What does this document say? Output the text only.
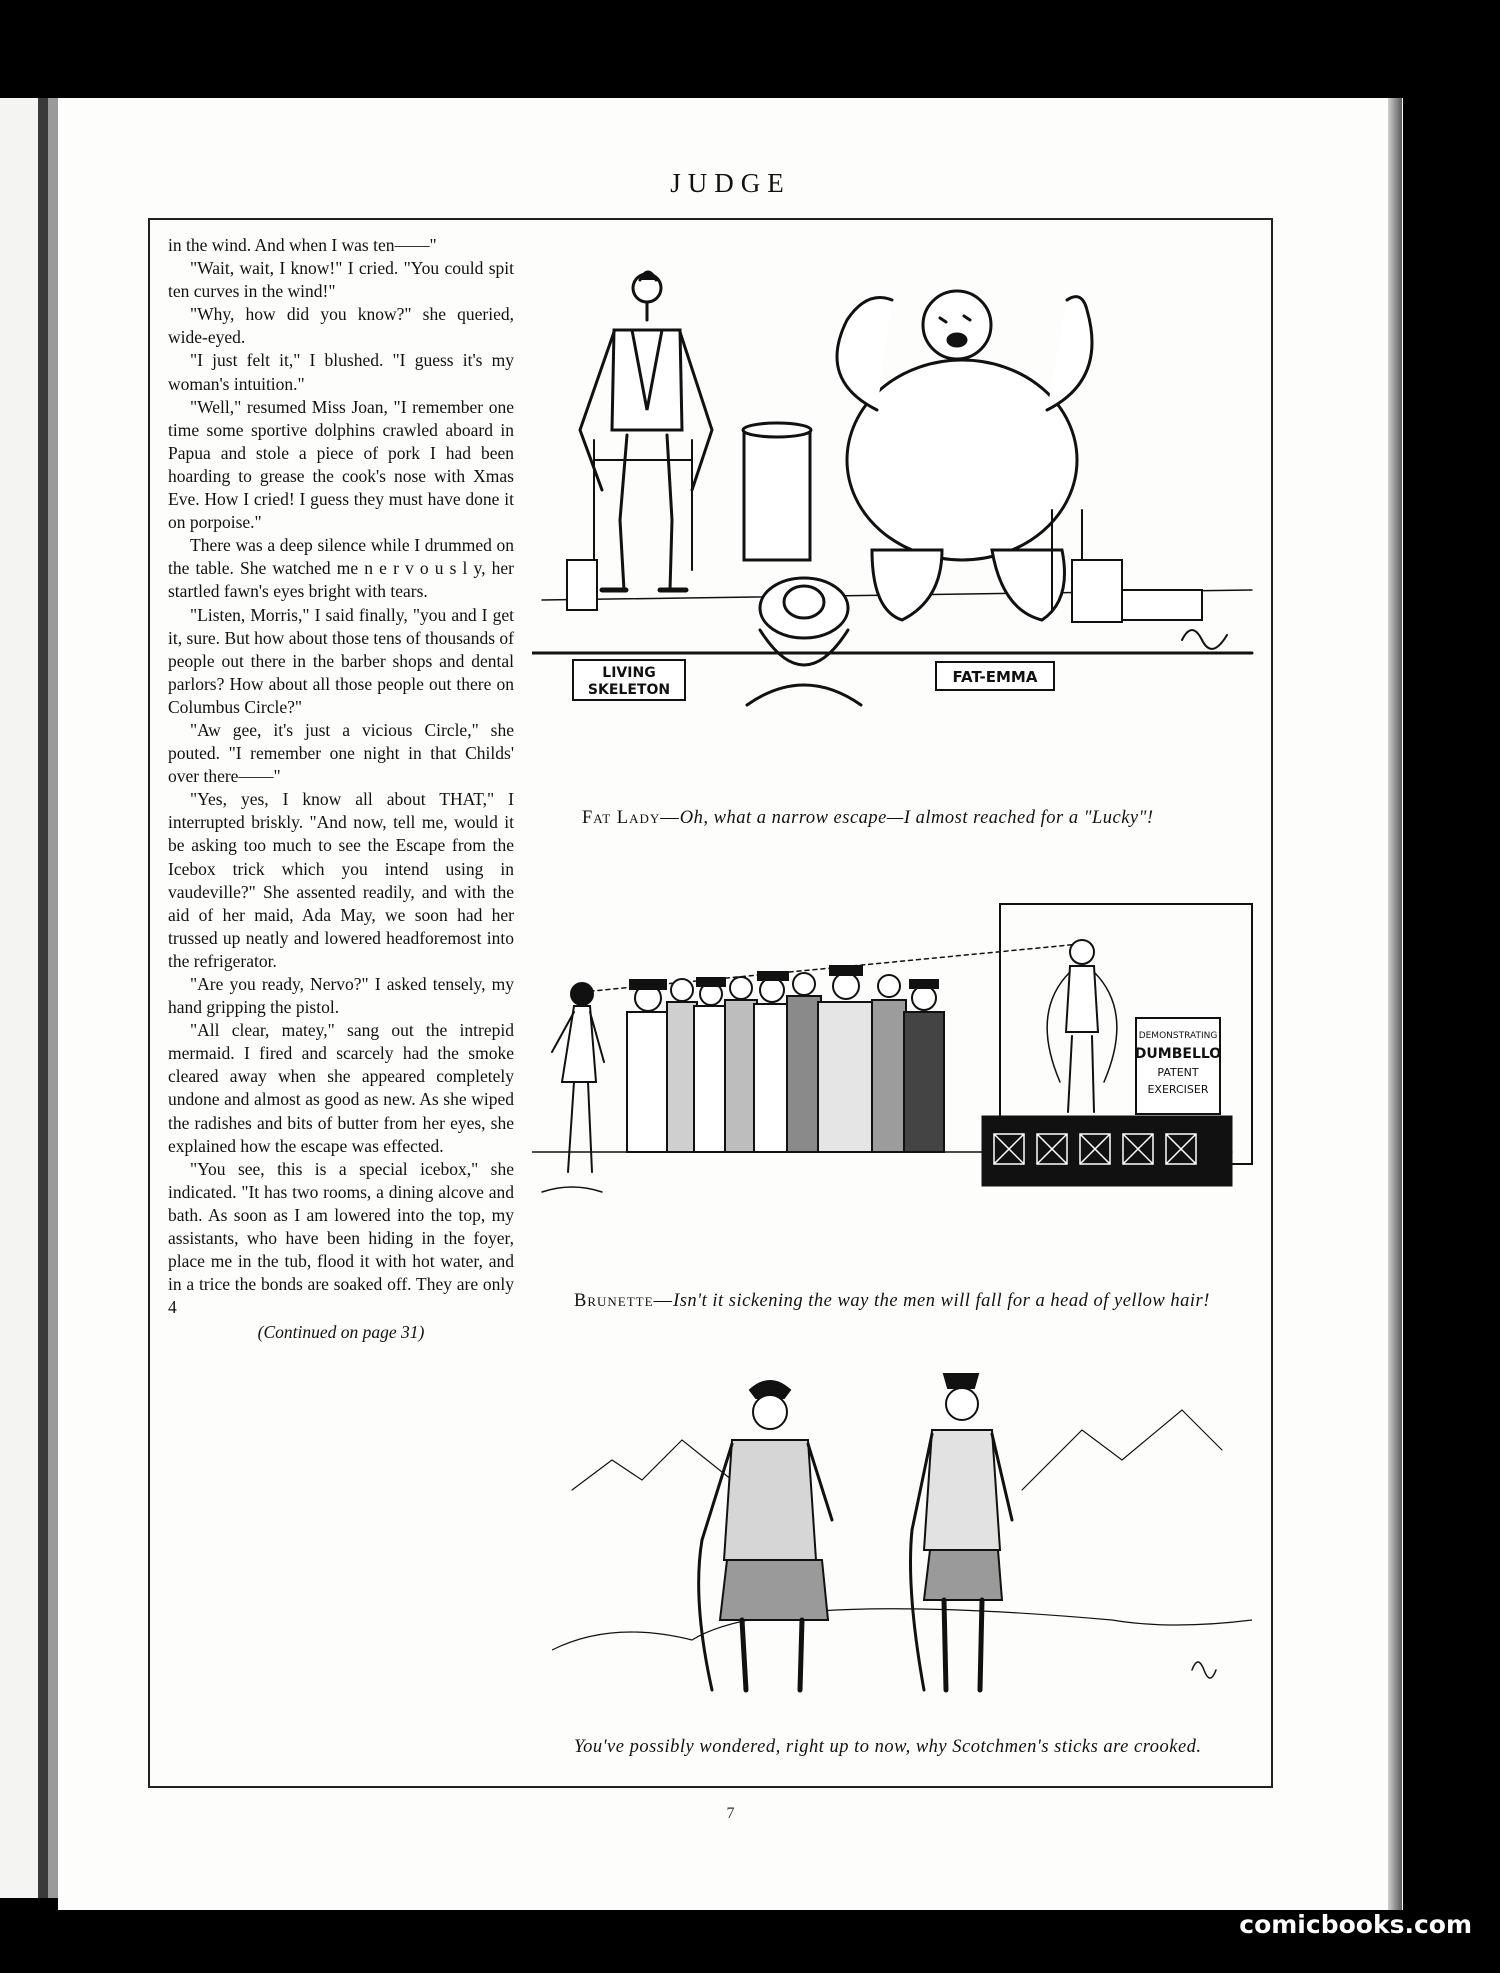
JUDGE

in the wind. And when I was ten——"

"Wait, wait, I know!" I cried. "You could spit ten curves in the wind!"

"Why, how did you know?" she queried, wide-eyed.

"I just felt it," I blushed. "I guess it's my woman's intuition."

"Well," resumed Miss Joan, "I remember one time some sportive dolphins crawled aboard in Papua and stole a piece of pork I had been hoarding to grease the cook's nose with Xmas Eve. How I cried! I guess they must have done it on porpoise."

There was a deep silence while I drummed on the table. She watched me n e r v o u s l y, her startled fawn's eyes bright with tears.

"Listen, Morris," I said finally, "you and I get it, sure. But how about those tens of thousands of people out there in the barber shops and dental parlors? How about all those people out there on Columbus Circle?"

"Aw gee, it's just a vicious Circle," she pouted. "I remember one night in that Childs' over there——"

"Yes, yes, I know all about THAT," I interrupted briskly. "And now, tell me, would it be asking too much to see the Escape from the Icebox trick which you intend using in vaudeville?" She assented readily, and with the aid of her maid, Ada May, we soon had her trussed up neatly and lowered headforemost into the refrigerator.

"Are you ready, Nervo?" I asked tensely, my hand gripping the pistol.

"All clear, matey," sang out the intrepid mermaid. I fired and scarcely had the smoke cleared away when she appeared completely undone and almost as good as new. As she wiped the radishes and bits of butter from her eyes, she explained how the escape was effected.

"You see, this is a special icebox," she indicated. "It has two rooms, a dining alcove and bath. As soon as I am lowered into the top, my assistants, who have been hiding in the foyer, place me in the tub, flood it with hot water, and in a trice the bonds are soaked off. They are only 4

(Continued on page 31)

LIVING
SKELETON
FAT-EMMA
Fat Lady—Oh, what a narrow escape—I almost reached for a "Lucky"!
DEMONSTRATING
DUMBELLO
PATENT
EXERCISER
Brunette—Isn't it sickening the way the men will fall for a head of yellow hair!
You've possibly wondered, right up to now, why Scotchmen's sticks are crooked.
7
comicbooks.com
